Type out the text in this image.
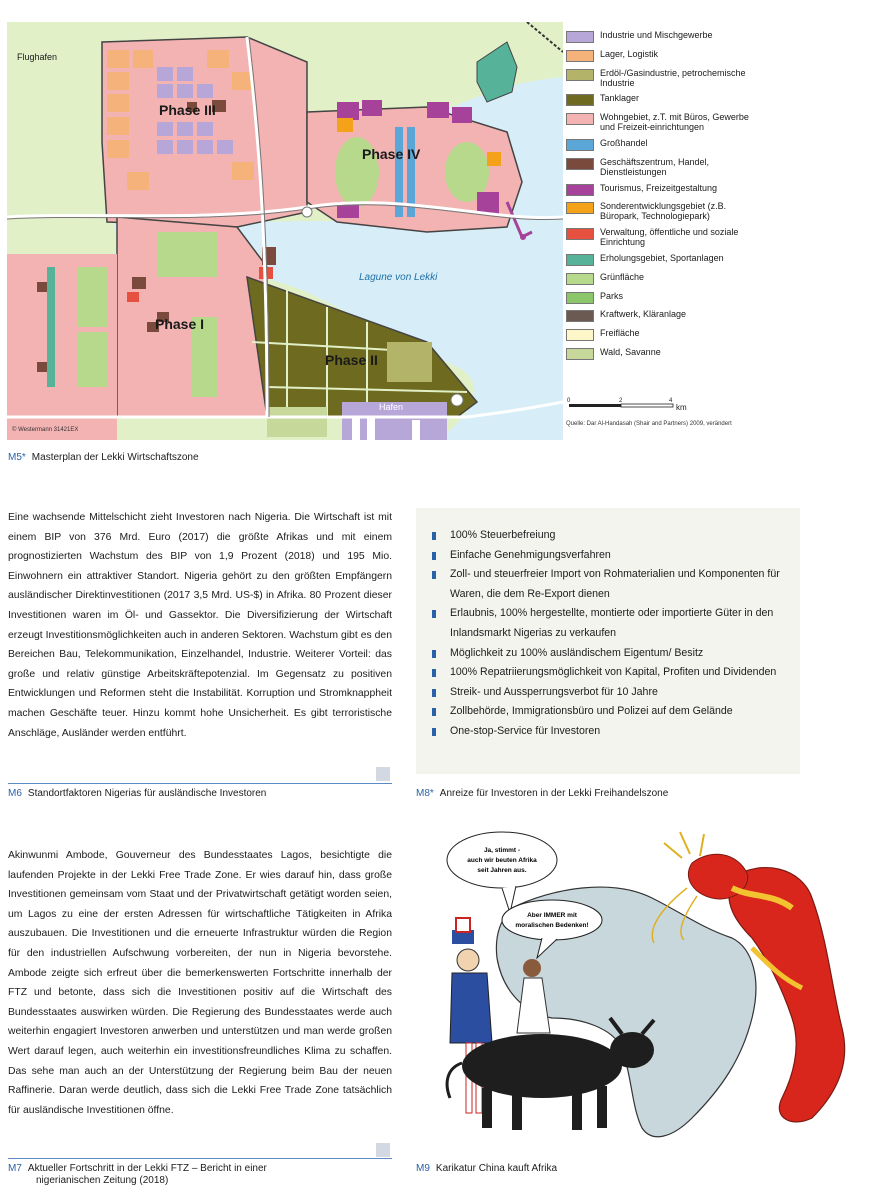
Flughafen
Phase III
Phase IV
Phase I
Phase II
Lagune von Lekki
Hafen
© Westermann 31421EX
Industrie und Mischgewerbe
Lager, Logistik
Erdöl-/Gasindustrie, petrochemische Industrie
Tanklager
Wohngebiet, z.T. mit Büros, Gewerbe und Freizeit-einrichtungen
Großhandel
Geschäftszentrum, Handel, Dienstleistungen
Tourismus, Freizeitgestaltung
Sonderentwicklungsgebiet (z.B. Büropark, Technologiepark)
Verwaltung, öffentliche und soziale Einrichtung
Erholungsgebiet, Sportanlagen
Grünfläche
Parks
Kraftwerk, Kläranlage
Freifläche
Wald, Savanne
0	2	4
km
Quelle: Dar Al-Handasah (Shair and Partners) 2009, verändert
M5* Masterplan der Lekki Wirtschaftszone
Eine wachsende Mittelschicht zieht Investoren nach Nigeria. Die Wirtschaft ist mit einem BIP von 376 Mrd. Euro (2017) die größte Afrikas und mit einem prognostizierten Wachstum des BIP von 1,9 Prozent (2018) und 195 Mio. Einwohnern ein attraktiver Standort. Nigeria gehört zu den größten Empfängern ausländischer Direktinvestitionen (2017 3,5 Mrd. US-$) in Afrika. 80 Prozent dieser Investitionen waren im Öl- und Gassektor. Die Diversifizierung der Wirtschaft erzeugt Investitionsmöglichkeiten auch in anderen Sektoren. Wachstum gibt es den Bereichen Bau, Telekommunikation, Einzelhandel, Industrie. Weiterer Vorteil: das große und relativ günstige Arbeitskräftepotenzial. Im Gegensatz zu positiven Entwicklungen und Reformen steht die Instabilität. Korruption und Stromknappheit machen Geschäfte teuer. Hinzu kommt hohe Unsicherheit. Es gibt terroristische Anschläge, Ausländer werden entführt.
M6 Standortfaktoren Nigerias für ausländische Investoren
100% Steuerbefreiung
Einfache Genehmigungsverfahren
Zoll- und steuerfreier Import von Rohmaterialien und Komponenten für Waren, die dem Re-Export dienen
Erlaubnis, 100% hergestellte, montierte oder importierte Güter in den Inlandsmarkt Nigerias zu verkaufen
Möglichkeit zu 100% ausländischem Eigentum/ Besitz
100% Repatriierungsmöglichkeit von Kapital, Profiten und Dividenden
Streik- und Aussperrungsverbot für 10 Jahre
Zollbehörde, Immigrationsbüro und Polizei auf dem Gelände
One-stop-Service für Investoren
M8* Anreize für Investoren in der Lekki Freihandelszone
Akinwunmi Ambode, Gouverneur des Bundesstaates Lagos, besichtigte die laufenden Projekte in der Lekki Free Trade Zone. Er wies darauf hin, dass große Investitionen gemeinsam vom Staat und der Privatwirtschaft getätigt worden seien, um Lagos zu eine der ersten Adressen für wirtschaftliche Tätigkeiten in Afrika auszubauen. Die Investitionen und die erneuerte Infrastruktur würden die Region für den industriellen Aufschwung vorbereiten, der nun in Nigeria bevorstehe. Ambode zeigte sich erfreut über die bemerkenswerten Fortschritte innerhalb der FTZ und betonte, dass sich die Investitionen positiv auf die Wirtschaft des Bundesstaates auswirken würden. Die Regierung des Bundesstaates werde auch weiterhin engagiert Investoren anwerben und unterstützen und man werde großen Wert darauf legen, auch weiterhin ein investitionsfreundliches Klima zu schaffen. Das sehe man auch an der Unterstützung der Regierung beim Bau der neuen Raffinerie. Daran werde deutlich, dass sich die Lekki Free Trade Zone tatsächlich für ausländische Investitionen öffne.
M7 Aktueller Fortschritt in der Lekki FTZ – Bericht in einer
nigerianischen Zeitung (2018)
Ja, stimmt -
auch wir beuten Afrika
seit Jahren aus.
Aber IMMER mit
moralischen Bedenken!
M9 Karikatur China kauft Afrika
